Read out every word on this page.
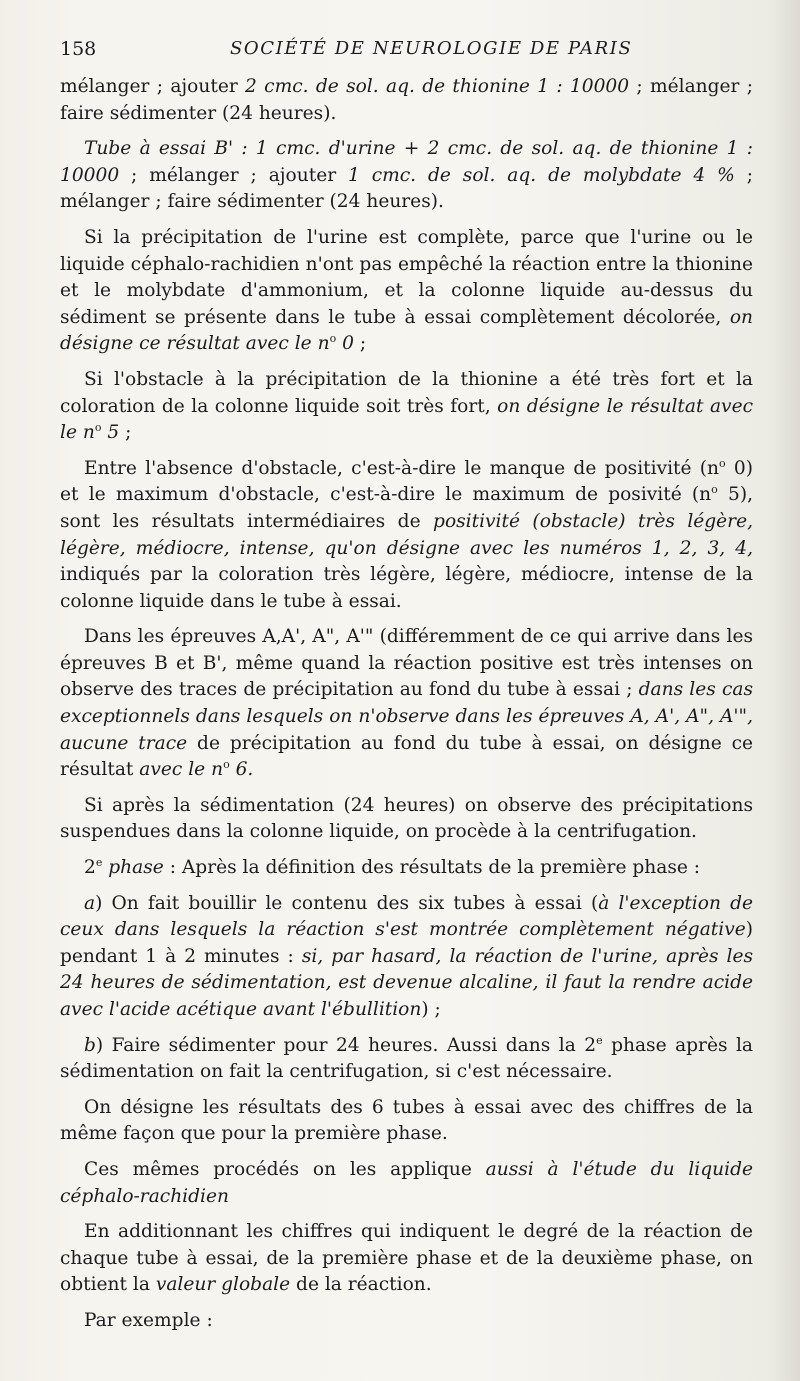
158	SOCIÉTÉ DE NEUROLOGIE DE PARIS

mélanger ; ajouter 2 cmc. de sol. aq. de thionine 1 : 10000 ; mélanger ; faire sédimenter (24 heures).

Tube à essai B' : 1 cmc. d'urine + 2 cmc. de sol. aq. de thionine 1 : 10000 ; mélanger ; ajouter 1 cmc. de sol. aq. de molybdate 4 % ; mélanger ; faire sédimenter (24 heures).

Si la précipitation de l'urine est complète, parce que l'urine ou le liquide céphalo-rachidien n'ont pas empêché la réaction entre la thionine et le molybdate d'ammonium, et la colonne liquide au-dessus du sédiment se présente dans le tube à essai complètement décolorée, on désigne ce résultat avec le $n^o$ 0 ;

Si l'obstacle à la précipitation de la thionine a été très fort et la coloration de la colonne liquide soit très fort, on désigne le résultat avec le $n^o$ 5 ;

Entre l'absence d'obstacle, c'est-à-dire le manque de positivité ($n^o$ 0) et le maximum d'obstacle, c'est-à-dire le maximum de posivité ($n^o$ 5), sont les résultats intermédiaires de positivité (obstacle) très légère, légère, médiocre, intense, qu'on désigne avec les numéros 1, 2, 3, 4, indiqués par la coloration très légère, légère, médiocre, intense de la colonne liquide dans le tube à essai.

Dans les épreuves A,A', A", A'" (différemment de ce qui arrive dans les épreuves B et B', même quand la réaction positive est très intenses on observe des traces de précipitation au fond du tube à essai ; dans les cas exceptionnels dans lesquels on n'observe dans les épreuves A, A', A", A'", aucune trace de précipitation au fond du tube à essai, on désigne ce résultat avec le $n^o$ 6.

Si après la sédimentation (24 heures) on observe des précipitations suspendues dans la colonne liquide, on procède à la centrifugation.

2e phase : Après la définition des résultats de la première phase :

a) On fait bouillir le contenu des six tubes à essai (à l'exception de ceux dans lesquels la réaction s'est montrée complètement négative) pendant 1 à 2 minutes : si, par hasard, la réaction de l'urine, après les 24 heures de sédimentation, est devenue alcaline, il faut la rendre acide avec l'acide acétique avant l'ébullition) ;

b) Faire sédimenter pour 24 heures. Aussi dans la 2e phase après la sédimentation on fait la centrifugation, si c'est nécessaire.

On désigne les résultats des 6 tubes à essai avec des chiffres de la même façon que pour la première phase.

Ces mêmes procédés on les applique aussi à l'étude du liquide céphalo-rachidien

En additionnant les chiffres qui indiquent le degré de la réaction de chaque tube à essai, de la première phase et de la deuxième phase, on obtient la valeur globale de la réaction.

Par exemple :
